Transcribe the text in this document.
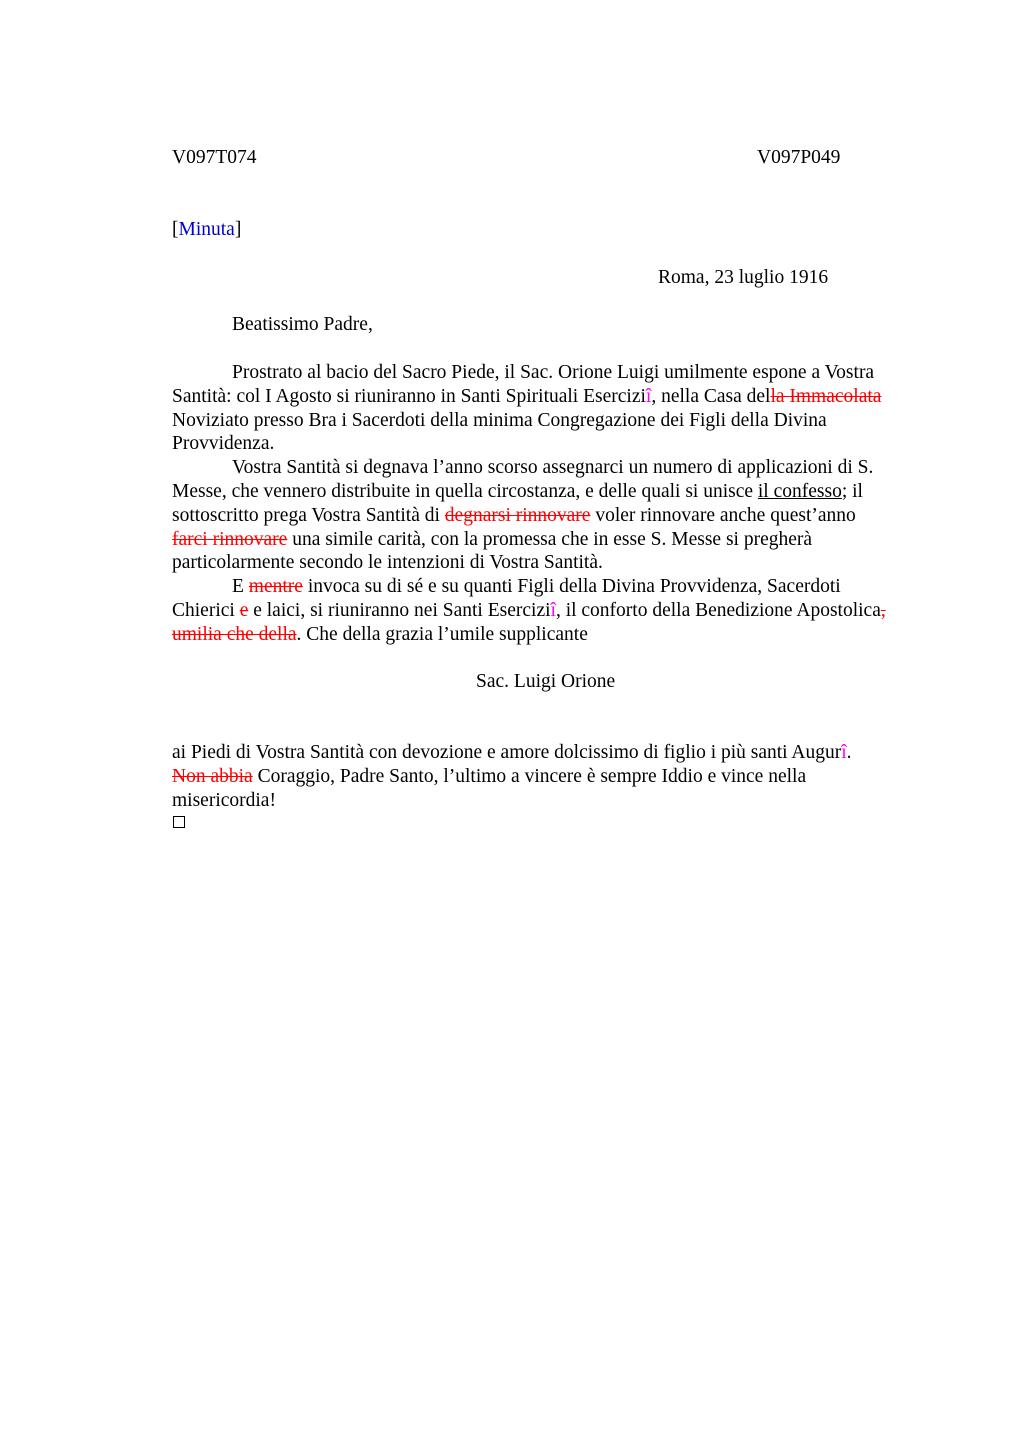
V097T074	V097P049
[Minuta]
Roma, 23 luglio 1916
Beatissimo Padre,
Prostrato al bacio del Sacro Piede, il Sac. Orione Luigi umilmente espone a Vostra
Santità: col I Agosto si riuniranno in Santi Spirituali Eserciziî, nella Casa della Immacolata
Noviziato presso Bra i Sacerdoti della minima Congregazione dei Figli della Divina
Provvidenza.
Vostra Santità si degnava l’anno scorso assegnarci un numero di applicazioni di S.
Messe, che vennero distribuite in quella circostanza, e delle quali si unisce il confesso; il
sottoscritto prega Vostra Santità di degnarsi rinnovare voler rinnovare anche quest’anno
farci rinnovare una simile carità, con la promessa che in esse S. Messe si pregherà
particolarmente secondo le intenzioni di Vostra Santità.
E mentre invoca su di sé e su quanti Figli della Divina Provvidenza, Sacerdoti
Chierici e e laici, si riuniranno nei Santi Eserciziî, il conforto della Benedizione Apostolica,
umilia che della. Che della grazia l’umile supplicante
Sac. Luigi Orione
ai Piedi di Vostra Santità con devozione e amore dolcissimo di figlio i più santi Augurî.
Non abbia Coraggio, Padre Santo, l’ultimo a vincere è sempre Iddio e vince nella
misericordia!
